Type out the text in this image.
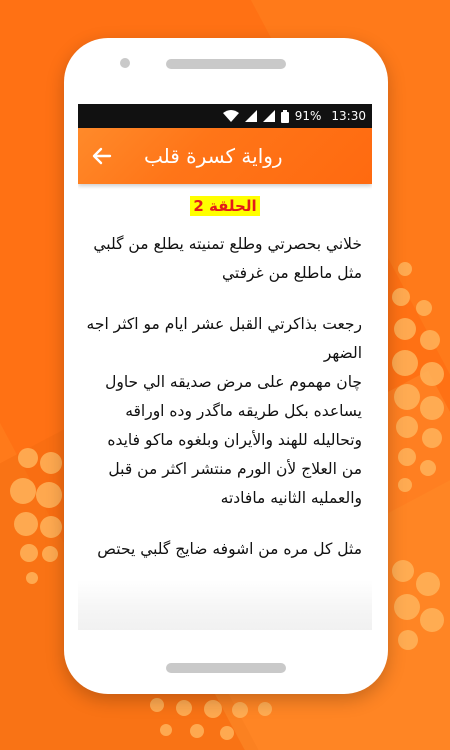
91% 13:30
رواية كسرة قلب
الحلقة 2
خلاني بحصرتي وطلع تمنيته يطلع من گلبي
مثل ماطلع من غرفتي
رجعت بذاكرتي القبل عشر ايام مو اكثر اجه
الضهر
چان مهموم على مرض صديقه الي حاول
يساعده بكل طريقه ماگدر وده اوراقه
وتحاليله للهند والأيران وبلغوه ماكو فايده
من العلاج لأن الورم منتشر اكثر من قبل
والعمليه الثانيه مافادته
مثل كل مره من اشوفه ضايج گلبي يحتص
